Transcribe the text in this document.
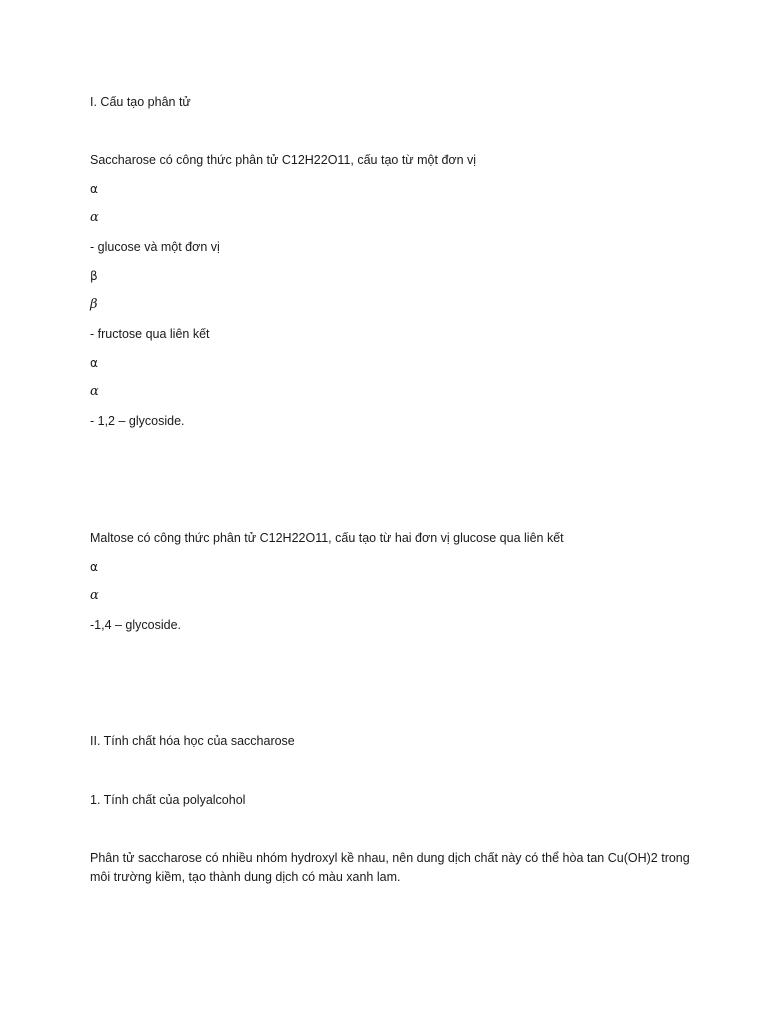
I. Cấu tạo phân tử
Saccharose có công thức phân tử C12H22O11, cấu tạo từ một đơn vị
α
𝛼
- glucose và một đơn vị
β
𝛽
- fructose qua liên kết
α
𝛼
- 1,2 – glycoside.
Maltose có công thức phân tử C12H22O11, cấu tạo từ hai đơn vị glucose qua liên kết
α
𝛼
-1,4 – glycoside.
II. Tính chất hóa học của saccharose
1. Tính chất của polyalcohol
Phân tử saccharose có nhiều nhóm hydroxyl kề nhau, nên dung dịch chất này có thể hòa tan Cu(OH)2 trong môi trường kiềm, tạo thành dung dịch có màu xanh lam.
